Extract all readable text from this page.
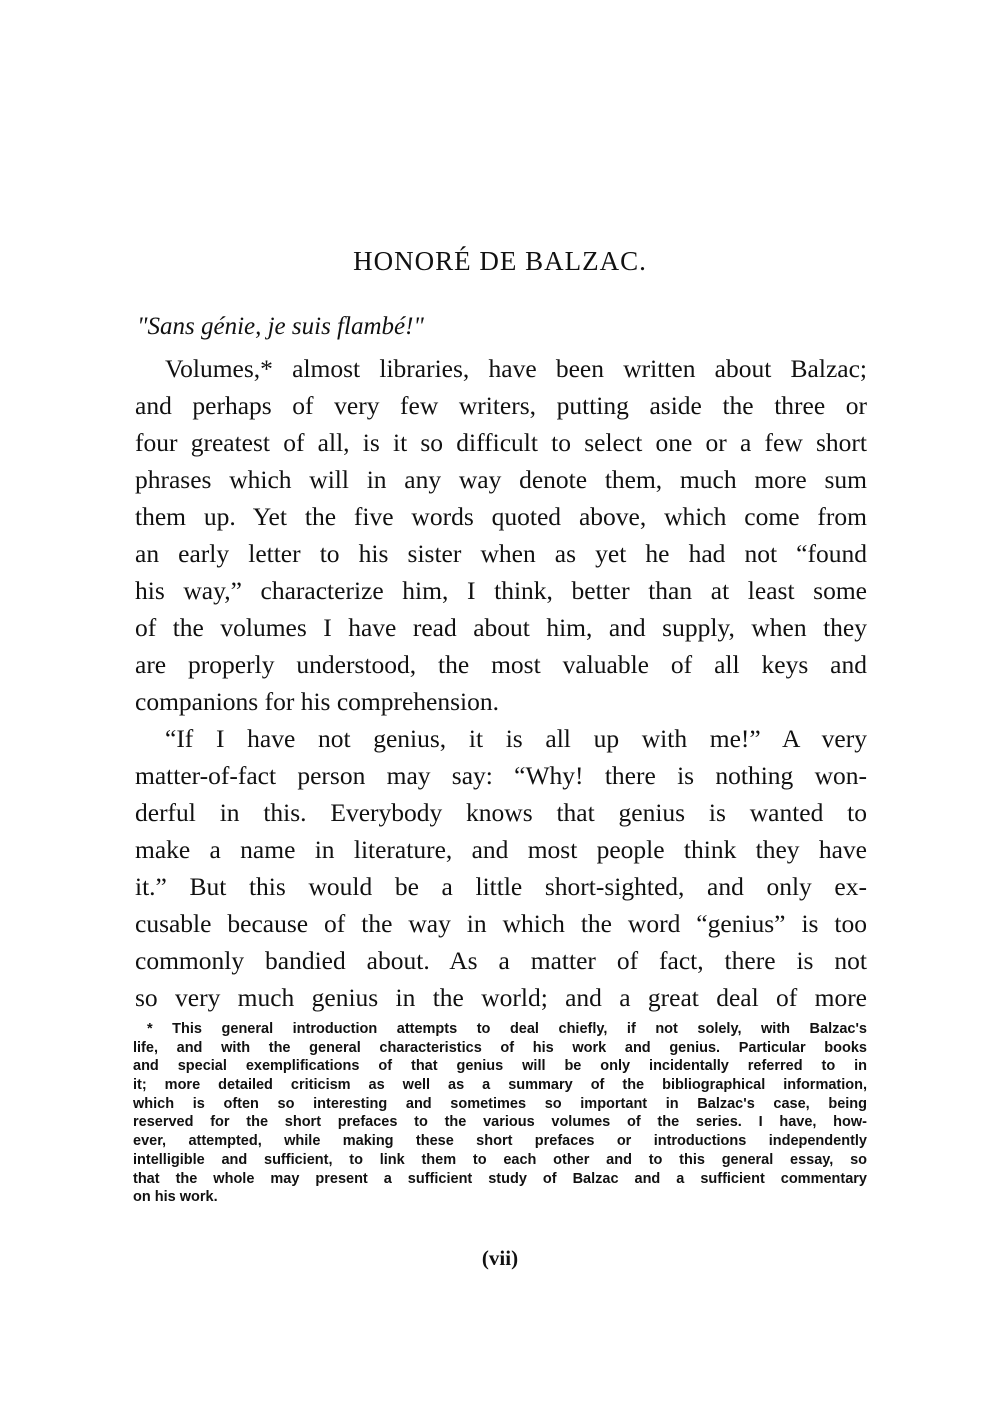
HONORÉ DE BALZAC.
"Sans génie, je suis flambé!"
Volumes,* almost libraries, have been written about Balzac;
and perhaps of very few writers, putting aside the three or
four greatest of all, is it so difficult to select one or a few short
phrases which will in any way denote them, much more sum
them up. Yet the five words quoted above, which come from
an early letter to his sister when as yet he had not “found
his way,” characterize him, I think, better than at least some
of the volumes I have read about him, and supply, when they
are properly understood, the most valuable of all keys and
companions for his comprehension.
“If I have not genius, it is all up with me!” A very
matter-of-fact person may say: “Why! there is nothing won-
derful in this. Everybody knows that genius is wanted to
make a name in literature, and most people think they have
it.” But this would be a little short-sighted, and only ex-
cusable because of the way in which the word “genius” is too
commonly bandied about. As a matter of fact, there is not
so very much genius in the world; and a great deal of more
* This general introduction attempts to deal chiefly, if not solely, with Balzac's
life, and with the general characteristics of his work and genius. Particular books
and special exemplifications of that genius will be only incidentally referred to in
it; more detailed criticism as well as a summary of the bibliographical information,
which is often so interesting and sometimes so important in Balzac's case, being
reserved for the short prefaces to the various volumes of the series. I have, how-
ever, attempted, while making these short prefaces or introductions independently
intelligible and sufficient, to link them to each other and to this general essay, so
that the whole may present a sufficient study of Balzac and a sufficient commentary
on his work.
(vii)
